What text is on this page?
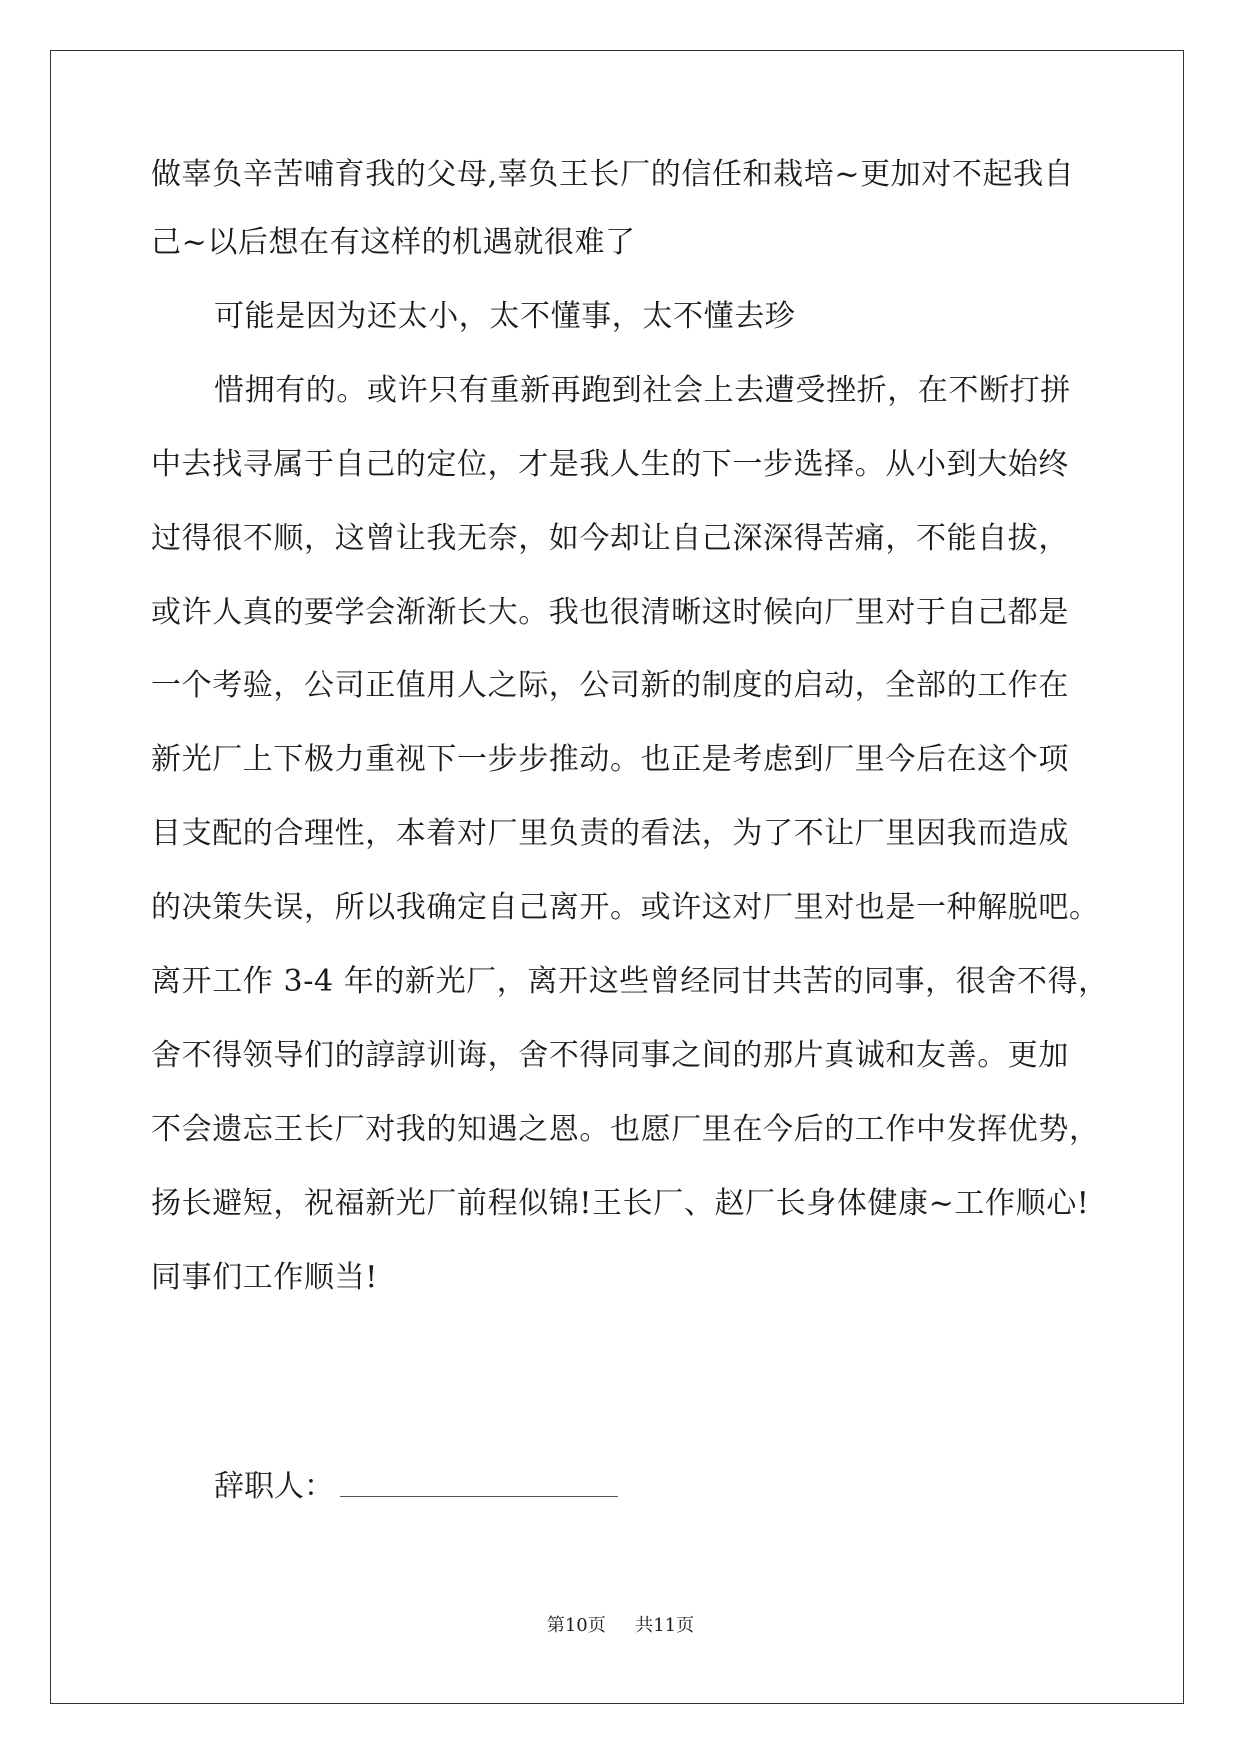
做辜负辛苦哺育我的父母,辜负王长厂的信任和栽培~更加对不起我自
己~以后想在有这样的机遇就很难了
可能是因为还太小，太不懂事，太不懂去珍
惜拥有的。或许只有重新再跑到社会上去遭受挫折，在不断打拼
中去找寻属于自己的定位，才是我人生的下一步选择。从小到大始终
过得很不顺，这曾让我无奈，如今却让自己深深得苦痛，不能自拔，
或许人真的要学会渐渐长大。我也很清晰这时候向厂里对于自己都是
一个考验，公司正值用人之际，公司新的制度的启动，全部的工作在
新光厂上下极力重视下一步步推动。也正是考虑到厂里今后在这个项
目支配的合理性，本着对厂里负责的看法，为了不让厂里因我而造成
的决策失误，所以我确定自己离开。或许这对厂里对也是一种解脱吧。
离开工作 3-4 年的新光厂，离开这些曾经同甘共苦的同事，很舍不得，
舍不得领导们的諄諄训诲，舍不得同事之间的那片真诚和友善。更加
不会遗忘王长厂对我的知遇之恩。也愿厂里在今后的工作中发挥优势，
扬长避短，祝福新光厂前程似锦!王长厂、赵厂长身体健康~工作顺心!
同事们工作顺当!
辞职人：
第10页 共11页
